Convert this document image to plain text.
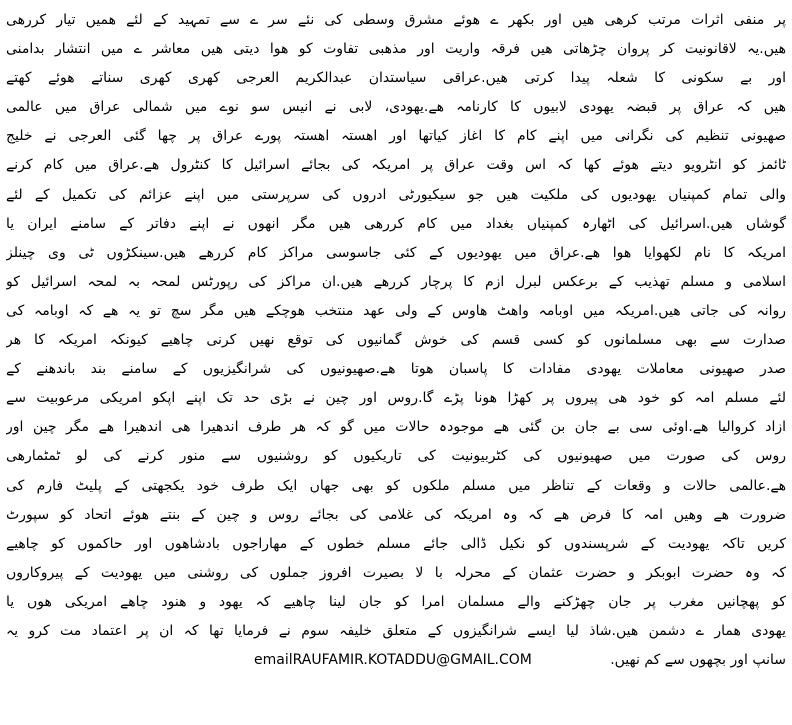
پر منفی اثرات مرتب کرھی ھیں اور بکھر ے ھوئے مشرق وسطی کی نئے سر ے سے تمہید کے لئے ھمیں تیار کررھی
ھیں.یہ لاقانونیت کر پروان چڑھاتی ھیں فرقہ واریت اور مذھبی تفاوت کو ھوا دیتی ھیں معاشر ے میں انتشار بدامنی
اور بے سکونی کا شعلہ پیدا کرتی ھیں.عراقی سیاستدان عبدالکریم العرجی کھری کھری سناتے ھوئے کھتے
ھیں کہ عراق پر قبضہ یھودی لابیوں کا کارنامہ ھے.یھودی، لابی نے انیس سو نوے میں شمالی عراق میں عالمی
صھیونی تنظیم کی نگرانی میں اپنے کام کا اغاز کیاتھا اور اھستہ اھستہ پورے عراق پر چھا گئی العرجی نے خلیج
ٹائمز کو انٹرویو دیتے ھوئے کھا کہ اس وقت عراق پر امریکہ کی بجائے اسرائیل کا کنٹرول ھے.عراق میں کام کرنے
والی تمام کمپنیاں یھودیوں کی ملکیت ھیں جو سیکیورٹی ادروں کی سرپرستی میں اپنے عزائم کی تکمیل کے لئے
گوشاں ھیں.اسرائیل کی اٹھارہ کمپنیاں بغداد میں کام کررھی ھیں مگر انھوں نے اپنے دفاتر کے سامنے ایران یا
امریکہ کا نام لکھوایا ھوا ھے.عراق میں یھودیوں کے کئی جاسوسی مراکز کام کررھے ھیں.سینکڑوں ٹی وی چینلز
اسلامی و مسلم تھذیب کے برعکس لبرل ازم کا پرچار کررھے ھیں.ان مراکز کی رپورٹس لمحہ بہ لمحہ اسرائیل کو
روانہ کی جاتی ھیں.امریکہ میں اوبامہ واھٹ ھاوس کے ولی عھد منتخب ھوچکے ھیں مگر سچ تو یہ ھے کہ اوبامہ کی
صدارت سے بھی مسلمانوں کو کسی قسم کی خوش گمانیوں کی توقع نھیں کرنی چاھیے کیونکہ امریکہ کا ھر
صدر صھیونی معاملات یھودی مفادات کا پاسبان ھوتا ھے.صھیونیوں کی شرانگیزیوں کے سامنے بند باندھنے کے
لئے مسلم امہ کو خود ھی پیروں پر کھڑا ھونا پڑے گا.روس اور چین نے بڑی حد تک اپنے اپکو امریکی مرعوبیت سے
ازاد کروالیا ھے.اوئی سی بے جان بن گئی ھے موجودہ حالات میں گو کہ ھر طرف اندھیرا ھی اندھیرا ھے مگر چین اور
روس کی صورت میں صھیونیوں کی کٹربیونیت کی تاریکیوں کو روشنیوں سے منور کرنے کی لو ٹمٹمارھی
ھے.عالمی حالات و وقعات کے تناظر میں مسلم ملکوں کو بھی جھاں ایک طرف خود یکجھتی کے پلیٹ فارم کی
ضرورت ھے وھیں امہ کا فرض ھے کہ وہ امریکہ کی غلامی کی بجائے روس و چین کے بنتے ھوئے اتحاد کو سپورٹ
کریں تاکہ یھودیت کے شرپسندوں کو نکیل ڈالی جائے مسلم خطوں کے مھاراجوں بادشاھوں اور حاکموں کو چاھیے
کہ وہ حضرت ابوبکر و حضرت عثمان کے محرلہ با لا بصیرت افروز جملوں کی روشنی میں یھودیت کے پیروکاروں
کو پھچانیں مغرب پر جان چھڑکنے والے مسلمان امرا کو جان لینا چاھیے کہ یھود و ھنود چاھے امریکی ھوں یا
یھودی ھمار ے دشمن ھیں.شاذ لیا ایسے شرانگیزوں کے متعلق خلیفہ سوم نے فرمایا تھا کہ ان پر اعتماد مت کرو یہ
سانپ اور بچھوں سے کم نھیں.
emailRAUFAMIR.KOTADDU@GMAIL.COM
